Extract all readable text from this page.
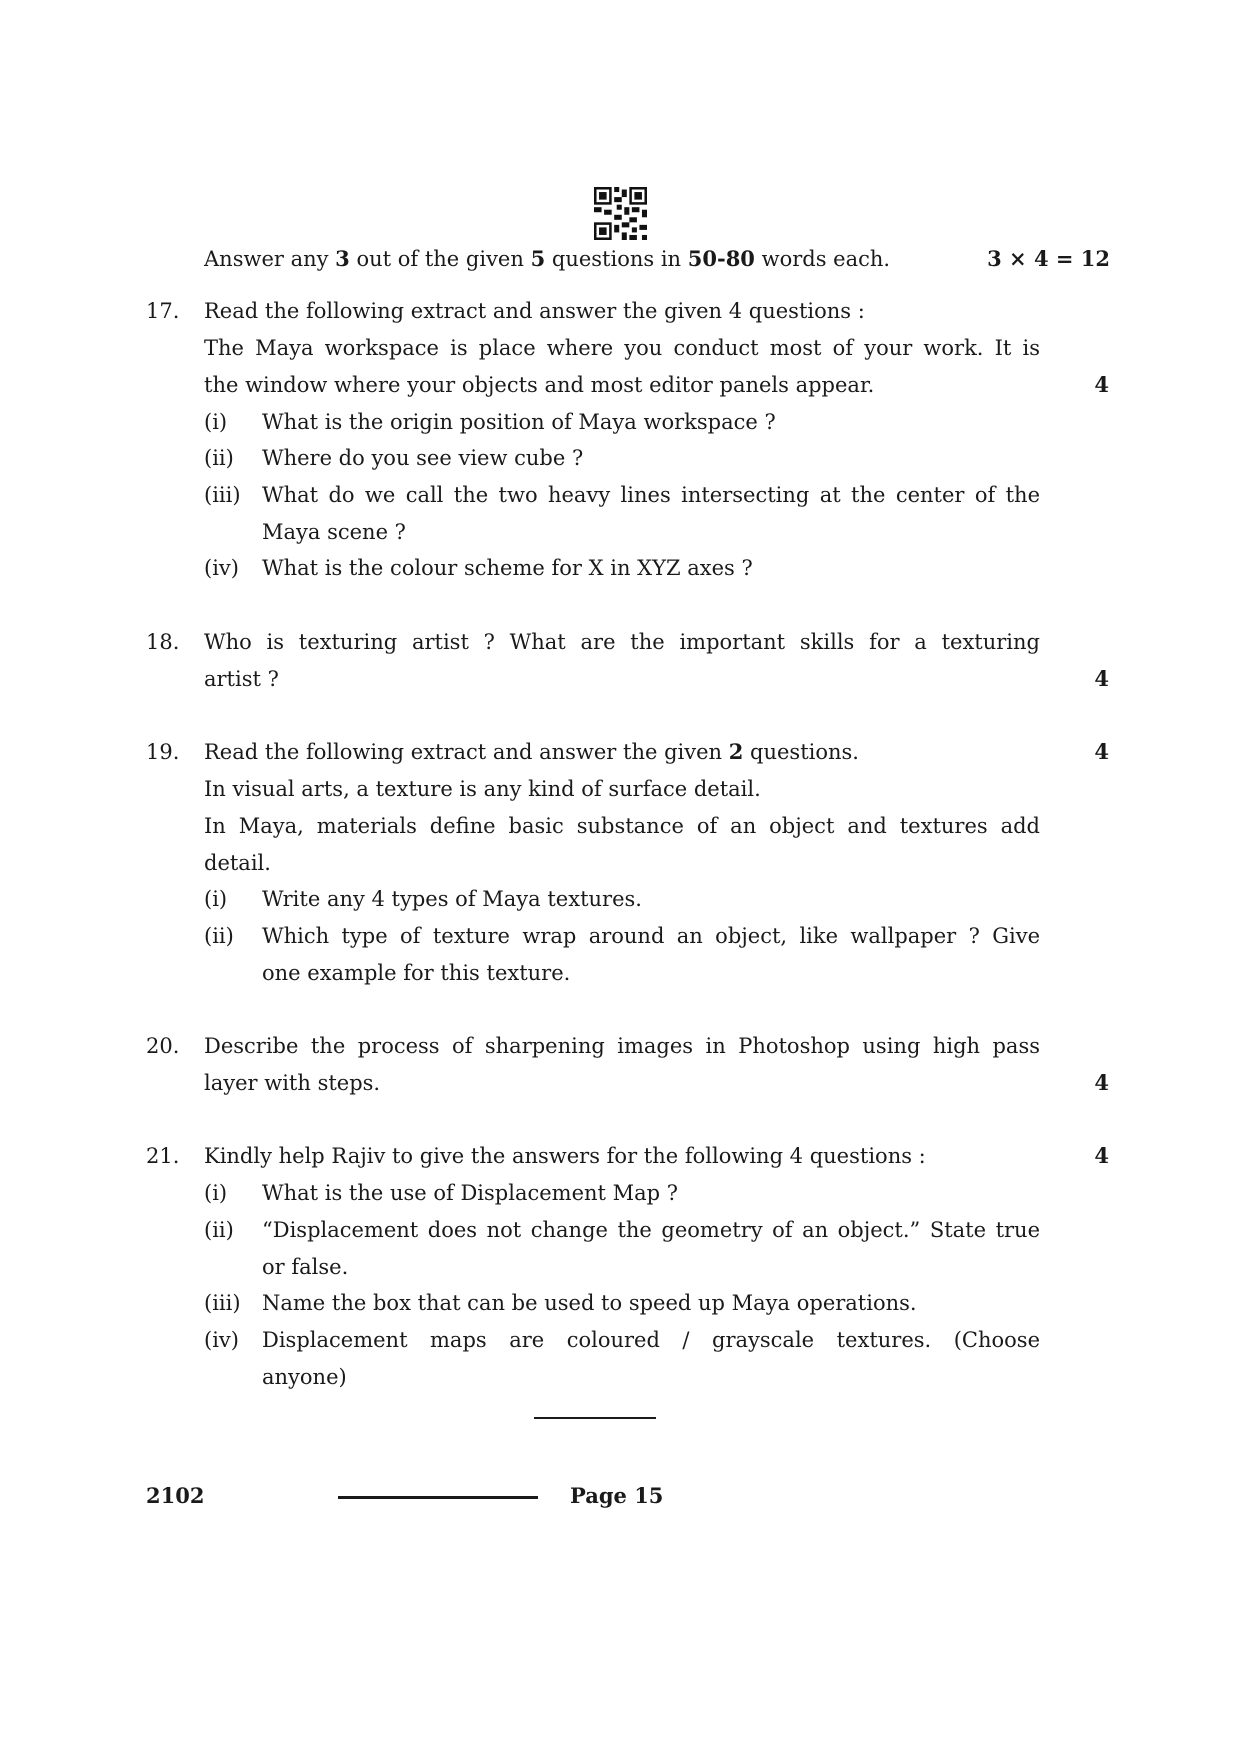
Answer any 3 out of the given 5 questions in 50-80 words each.	3 × 4 = 12
17.	Read the following extract and answer the given 4 questions :
The Maya workspace is place where you conduct most of your work. It is
the window where your objects and most editor panels appear.	4
(i)	What is the origin position of Maya workspace ?
(ii)	Where do you see view cube ?
(iii)	What do we call the two heavy lines intersecting at the center of the
Maya scene ?
(iv)	What is the colour scheme for X in XYZ axes ?
18.	Who is texturing artist ? What are the important skills for a texturing
artist ?	4
19.	Read the following extract and answer the given 2 questions.	4
In visual arts, a texture is any kind of surface detail.
In Maya, materials define basic substance of an object and textures add
detail.
(i)	Write any 4 types of Maya textures.
(ii)	Which type of texture wrap around an object, like wallpaper ? Give
one example for this texture.
20.	Describe the process of sharpening images in Photoshop using high pass
layer with steps.	4
21.	Kindly help Rajiv to give the answers for the following 4 questions :	4
(i)	What is the use of Displacement Map ?
(ii)	“Displacement does not change the geometry of an object.” State true
or false.
(iii)	Name the box that can be used to speed up Maya operations.
(iv)	Displacement maps are coloured / grayscale textures. (Choose
anyone)
2102	Page 15
